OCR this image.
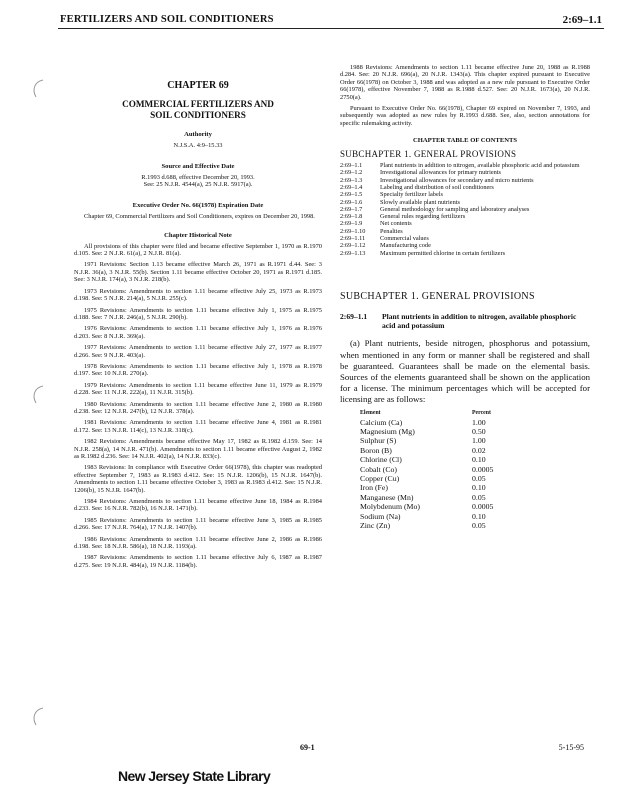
FERTILIZERS AND SOIL CONDITIONERS	2:69–1.1
CHAPTER 69
COMMERCIAL FERTILIZERS AND
SOIL CONDITIONERS
Authority
N.J.S.A. 4:9–15.33
Source and Effective Date
R.1993 d.688, effective December 20, 1993.
See: 25 N.J.R. 4544(a), 25 N.J.R. 5917(a).
Executive Order No. 66(1978) Expiration Date
Chapter 69, Commercial Fertilizers and Soil Conditioners, expires on December 20, 1998.
Chapter Historical Note
All provisions of this chapter were filed and became effective September 1, 1970 as R.1970 d.105. See: 2 N.J.R. 61(a), 2 N.J.R. 81(a).
1971 Revisions: Section 1.13 became effective March 26, 1971 as R.1971 d.44. See: 3 N.J.R. 36(a), 3 N.J.R. 55(b). Section 1.11 became effective October 20, 1971 as R.1971 d.185. See: 3 N.J.R. 174(a), 3 N.J.R. 218(b).
1973 Revisions: Amendments to section 1.11 became effective July 25, 1973 as R.1973 d.198. See: 5 N.J.R. 214(a), 5 N.J.R. 255(c).
1975 Revisions: Amendments to section 1.11 became effective July 1, 1975 as R.1975 d.188. See: 7 N.J.R. 246(a), 5 N.J.R. 290(b).
1976 Revisions: Amendments to section 1.11 became effective July 1, 1976 as R.1976 d.203. See: 8 N.J.R. 369(a).
1977 Revisions: Amendments to section 1.11 became effective July 27, 1977 as R.1977 d.266. See: 9 N.J.R. 403(a).
1978 Revisions: Amendments to section 1.11 became effective July 1, 1978 as R.1978 d.197. See: 10 N.J.R. 270(a).
1979 Revisions: Amendments to section 1.11 became effective June 11, 1979 as R.1979 d.228. See: 11 N.J.R. 222(a), 11 N.J.R. 315(b).
1980 Revisions: Amendments to section 1.11 became effective June 2, 1980 as R.1980 d.238. See: 12 N.J.R. 247(b), 12 N.J.R. 378(a).
1981 Revisions: Amendments to section 1.11 became effective June 4, 1981 as R.1981 d.172. See: 13 N.J.R. 114(c), 13 N.J.R. 318(c).
1982 Revisions: Amendments became effective May 17, 1982 as R.1982 d.159. See: 14 N.J.R. 258(a), 14 N.J.R. 471(b). Amendments to section 1.11 became effective August 2, 1982 as R.1982 d.236. See: 14 N.J.R. 402(a), 14 N.J.R. 833(c).
1983 Revisions: In compliance with Executive Order 66(1978), this chapter was readopted effective September 7, 1983 as R.1983 d.412. See: 15 N.J.R. 1206(b), 15 N.J.R. 1647(b). Amendments to section 1.11 became effective October 3, 1983 as R.1983 d.412. See: 15 N.J.R. 1206(b), 15 N.J.R. 1647(b).
1984 Revisions: Amendments to section 1.11 became effective June 18, 1984 as R.1984 d.233. See: 16 N.J.R. 782(b), 16 N.J.R. 1471(b).
1985 Revisions: Amendments to section 1.11 became effective June 3, 1985 as R.1985 d.266. See: 17 N.J.R. 764(a), 17 N.J.R. 1407(b).
1986 Revisions: Amendments to section 1.11 became effective June 2, 1986 as R.1986 d.198. See: 18 N.J.R. 586(a), 18 N.J.R. 1193(a).
1987 Revisions: Amendments to section 1.11 became effective July 6, 1987 as R.1987 d.275. See: 19 N.J.R. 484(a), 19 N.J.R. 1184(b).
1988 Revisions: Amendments to section 1.11 became effective June 20, 1988 as R.1988 d.284. See: 20 N.J.R. 696(a), 20 N.J.R. 1343(a). This chapter expired pursuant to Executive Order 66(1978) on October 3, 1988 and was adopted as a new rule pursuant to Executive Order 66(1978), effective November 7, 1988 as R.1988 d.527. See: 20 N.J.R. 1673(a), 20 N.J.R. 2750(a).
Pursuant to Executive Order No. 66(1978), Chapter 69 expired on November 7, 1993, and subsequently was adopted as new rules by R.1993 d.688. See, also, section annotations for specific rulemaking activity.
CHAPTER TABLE OF CONTENTS
SUBCHAPTER 1. GENERAL PROVISIONS
2:69–1.1	Plant nutrients in addition to nitrogen, available phosphoric acid and potassium
2:69–1.2	Investigational allowances for primary nutrients
2:69–1.3	Investigational allowances for secondary and micro nutrients
2:69–1.4	Labeling and distribution of soil conditioners
2:69–1.5	Specialty fertilizer labels
2:69–1.6	Slowly available plant nutrients
2:69–1.7	General methodology for sampling and laboratory analyses
2:69–1.8	General rules regarding fertilizers
2:69–1.9	Net contents
2:69–1.10	Penalties
2:69–1.11	Commercial values
2:69–1.12	Manufacturing code
2:69–1.13	Maximum permitted chlorine in certain fertilizers
SUBCHAPTER 1. GENERAL PROVISIONS
2:69–1.1	Plant nutrients in addition to nitrogen, available phosphoric acid and potassium
(a) Plant nutrients, beside nitrogen, phosphorus and potassium, when mentioned in any form or manner shall be registered and shall be guaranteed. Guarantees shall be made on the elemental basis. Sources of the elements guaranteed shall be shown on the application for a license. The minimum percentages which will be accepted for licensing are as follows:
Element	Percent
Calcium (Ca)	1.00
Magnesium (Mg)	0.50
Sulphur (S)	1.00
Boron (B)	0.02
Chlorine (Cl)	0.10
Cobalt (Co)	0.0005
Copper (Cu)	0.05
Iron (Fe)	0.10
Manganese (Mn)	0.05
Molybdenum (Mo)	0.0005
Sodium (Na)	0.10
Zinc (Zn)	0.05
69-1	5-15-95
New Jersey State Library
